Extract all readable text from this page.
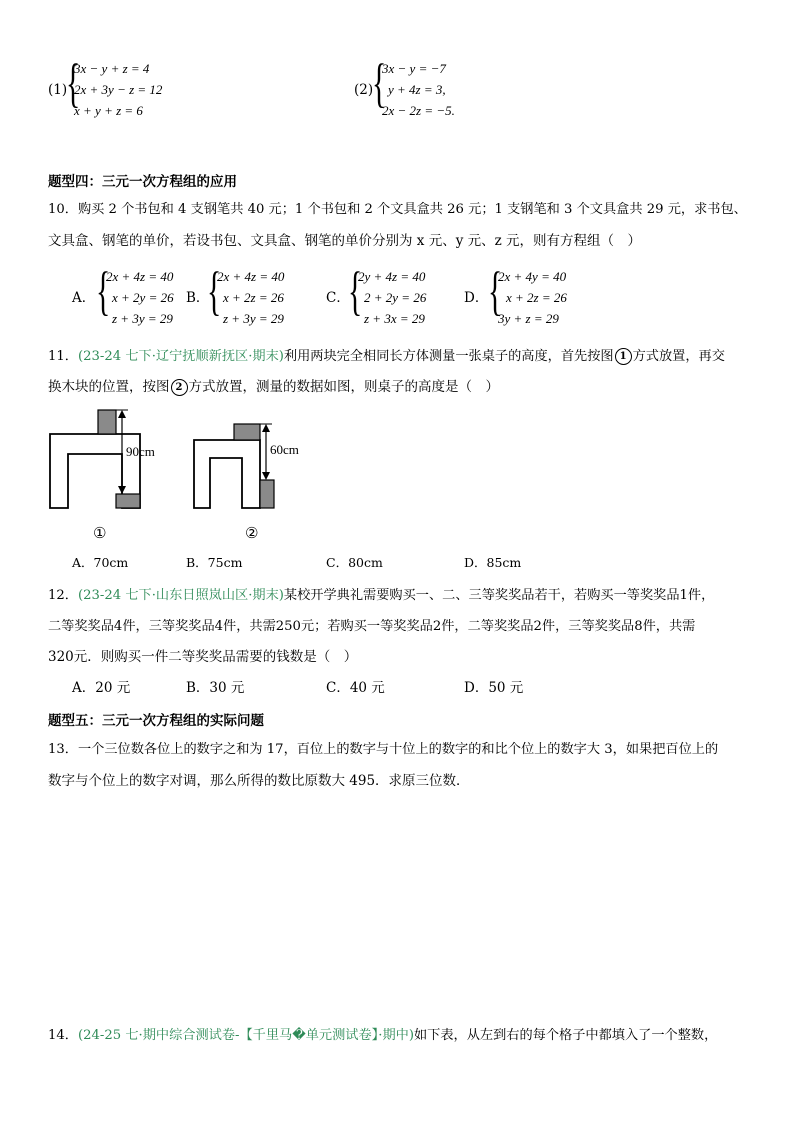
(1)
{
3x − y + z = 4
2x + 3y − z = 12
x + y + z = 6
(2)
{
3x − y = −7
y + 4z = 3,
2x − 2z = −5.
题型四：三元一次方程组的应用
10．购买 2 个书包和 4 支钢笔共 40 元；1 个书包和 2 个文具盒共 26 元；1 支钢笔和 3 个文具盒共 29 元，求书包、
文具盒、钢笔的单价，若设书包、文具盒、钢笔的单价分别为 x 元、y 元、z 元，则有方程组（　）
A． {
2x + 4z = 40
x + 2y = 26
z + 3y = 29
B．
{
2x + 4z = 40
x + 2z = 26
z + 3y = 29
C．
{
2y + 4z = 40
2 + 2y = 26
z + 3x = 29
D． {
2x + 4y = 40
x + 2z = 26
3y + z = 29
11．(23-24 七下·辽宁抚顺新抚区·期末)利用两块完全相同长方体测量一张桌子的高度，首先按图 1 方式放置，再交
换木块的位置，按图 2 方式放置，测量的数据如图，则桌子的高度是（　）
90cm
①
60cm
②
A．70cm	B．75cm	C．80cm	D．85cm
12．(23-24 七下·山东日照岚山区·期末)某校开学典礼需要购买一、二、三等奖奖品若干，若购买一等奖奖品1件，
二等奖奖品4件，三等奖奖品4件，共需250元；若购买一等奖奖品2件，二等奖奖品2件，三等奖奖品8件，共需
320元．则购买一件二等奖奖品需要的钱数是（　）
A．20 元	B．30 元	C．40 元	D．50 元
题型五：三元一次方程组的实际问题
13．一个三位数各位上的数字之和为 17，百位上的数字与十位上的数字的和比个位上的数字大 3，如果把百位上的
数字与个位上的数字对调，那么所得的数比原数大 495．求原三位数．
14．(24-25 七·期中综合测试卷-【千里马�单元测试卷】·期中)如下表，从左到右的每个格子中都填入了一个整数，
